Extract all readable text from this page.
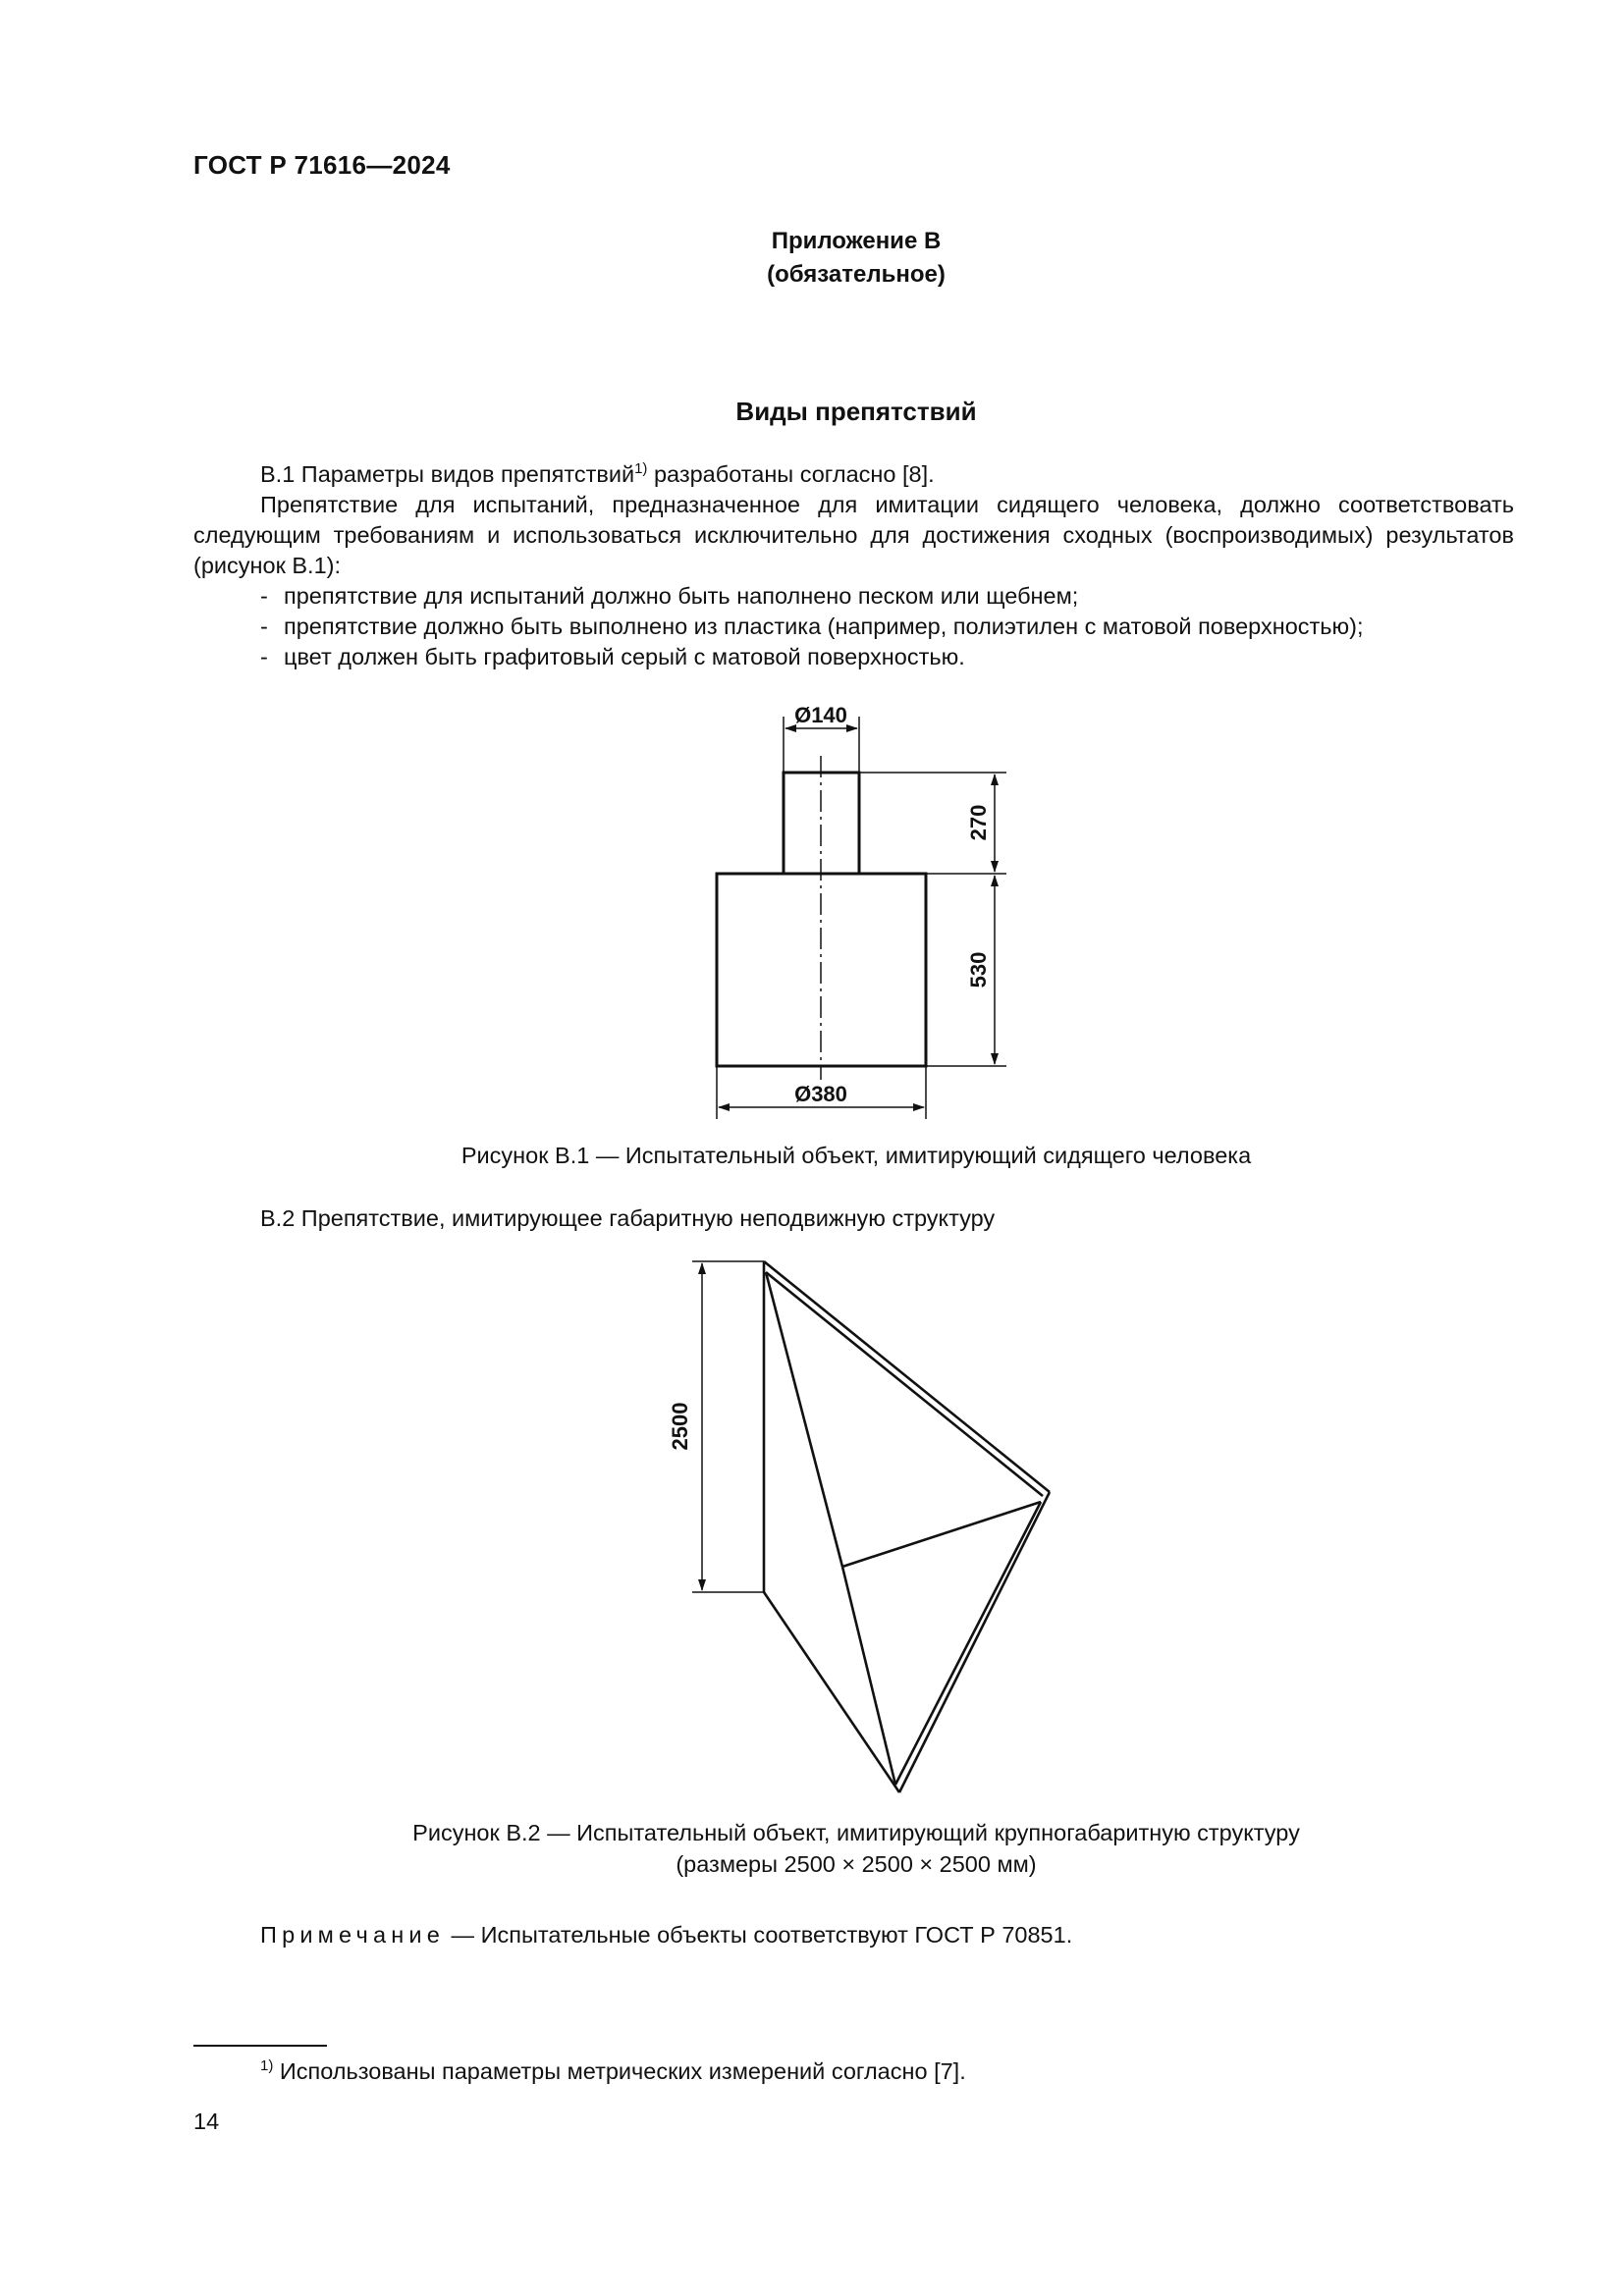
ГОСТ Р 71616—2024
Приложение В
(обязательное)
Виды препятствий

В.1 Параметры видов препятствий$^{1)}$ разработаны согласно [8].

Препятствие для испытаний, предназначенное для имитации сидящего человека, должно соответствовать следующим требованиям и использоваться исключительно для достижения сходных (воспроизводимых) результатов (рисунок В.1):

- препятствие для испытаний должно быть наполнено песком или щебнем;
- препятствие должно быть выполнено из пластика (например, полиэтилен с матовой поверхностью);
- цвет должен быть графитовый серый с матовой поверхностью.
Ø140
270
530
Ø380
2500
Рисунок В.1 — Испытательный объект, имитирующий сидящего человека

В.2 Препятствие, имитирующее габаритную неподвижную структуру

Рисунок В.2 — Испытательный объект, имитирующий крупногабаритную структуру
(размеры 2500 × 2500 × 2500 мм)
Примечание — Испытательные объекты соответствуют ГОСТ Р 70851.
$^{1)}$ Использованы параметры метрических измерений согласно [7].
14
